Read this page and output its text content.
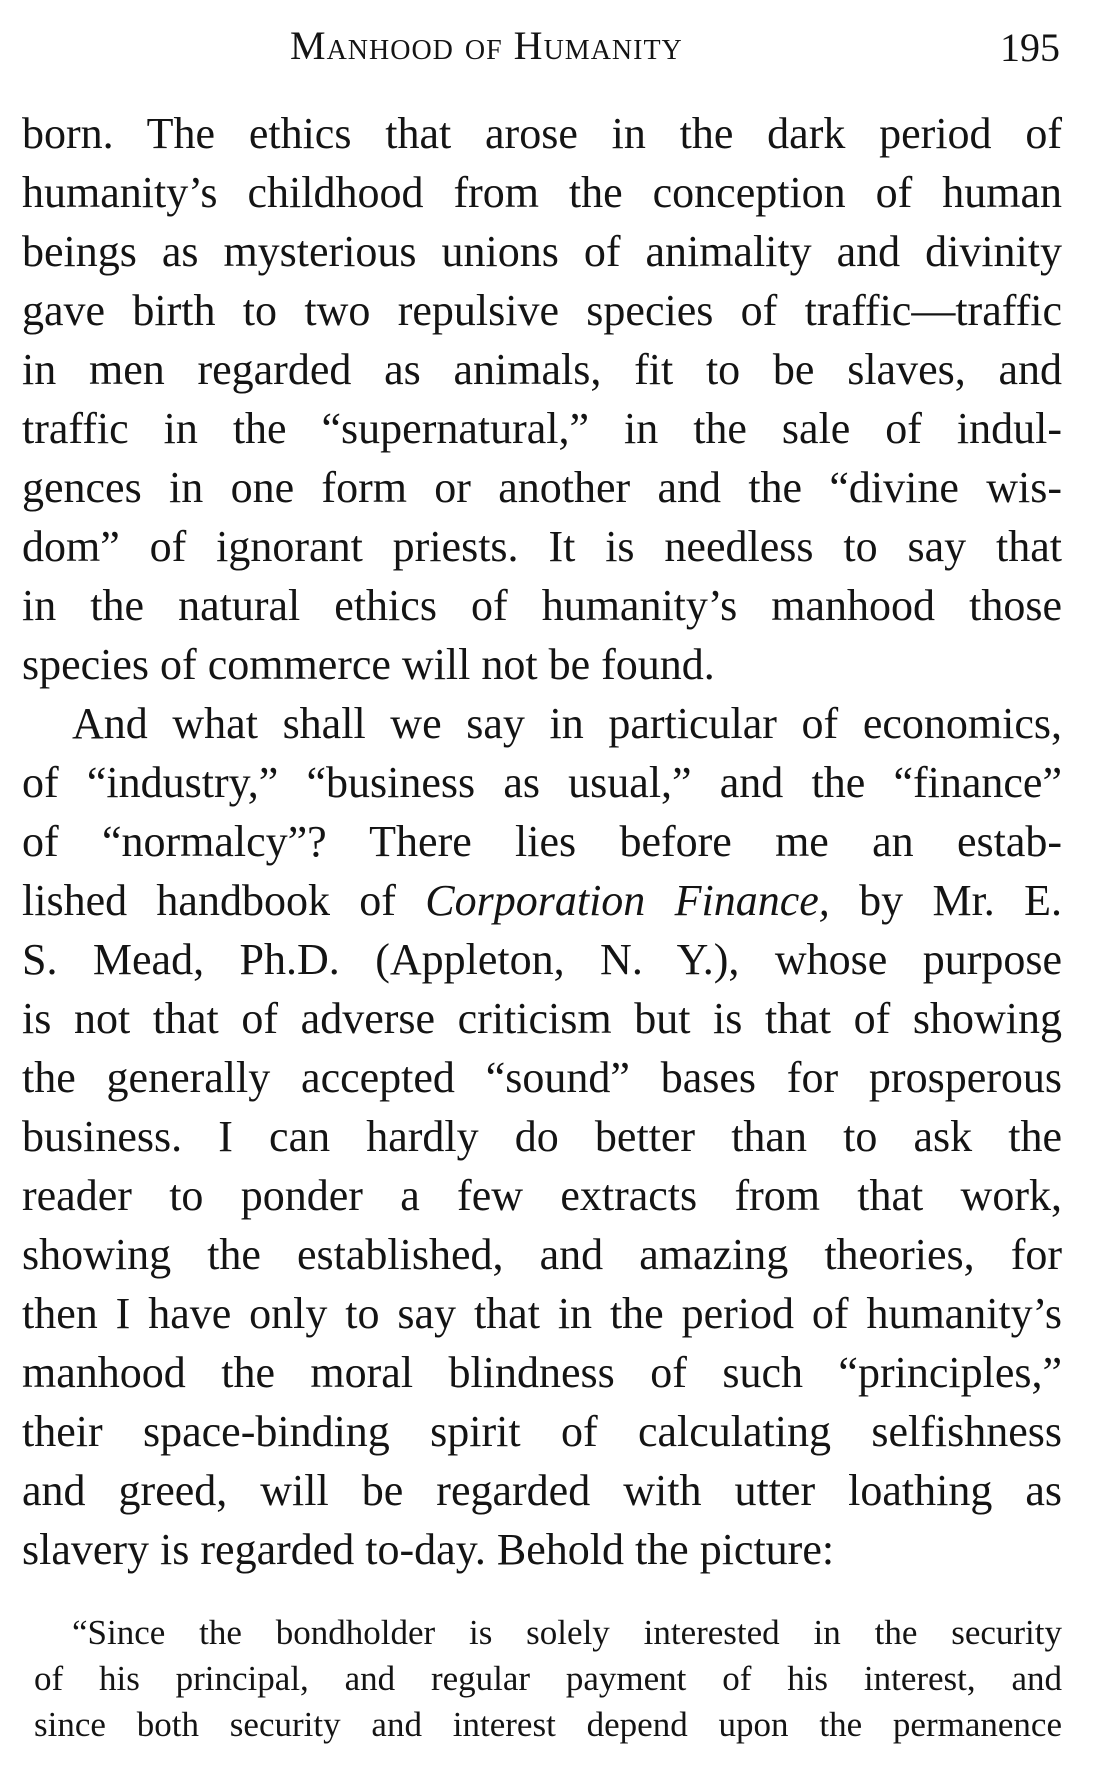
Manhood of Humanity	195
born. The ethics that arose in the dark period of
humanity’s childhood from the conception of human
beings as mysterious unions of animality and divinity
gave birth to two repulsive species of traffic—traffic
in men regarded as animals, fit to be slaves, and
traffic in the “supernatural,” in the sale of indul-
gences in one form or another and the “divine wis-
dom” of ignorant priests. It is needless to say that
in the natural ethics of humanity’s manhood those
species of commerce will not be found.
And what shall we say in particular of economics,
of “industry,” “business as usual,” and the “finance”
of “normalcy”? There lies before me an estab-
lished handbook of Corporation Finance, by Mr. E.
S. Mead, Ph.D. (Appleton, N. Y.), whose purpose
is not that of adverse criticism but is that of showing
the generally accepted “sound” bases for prosperous
business. I can hardly do better than to ask the
reader to ponder a few extracts from that work,
showing the established, and amazing theories, for
then I have only to say that in the period of humanity’s
manhood the moral blindness of such “principles,”
their space-binding spirit of calculating selfishness
and greed, will be regarded with utter loathing as
slavery is regarded to-day. Behold the picture:
“Since the bondholder is solely interested in the security
of his principal, and regular payment of his interest, and
since both security and interest depend upon the permanence
